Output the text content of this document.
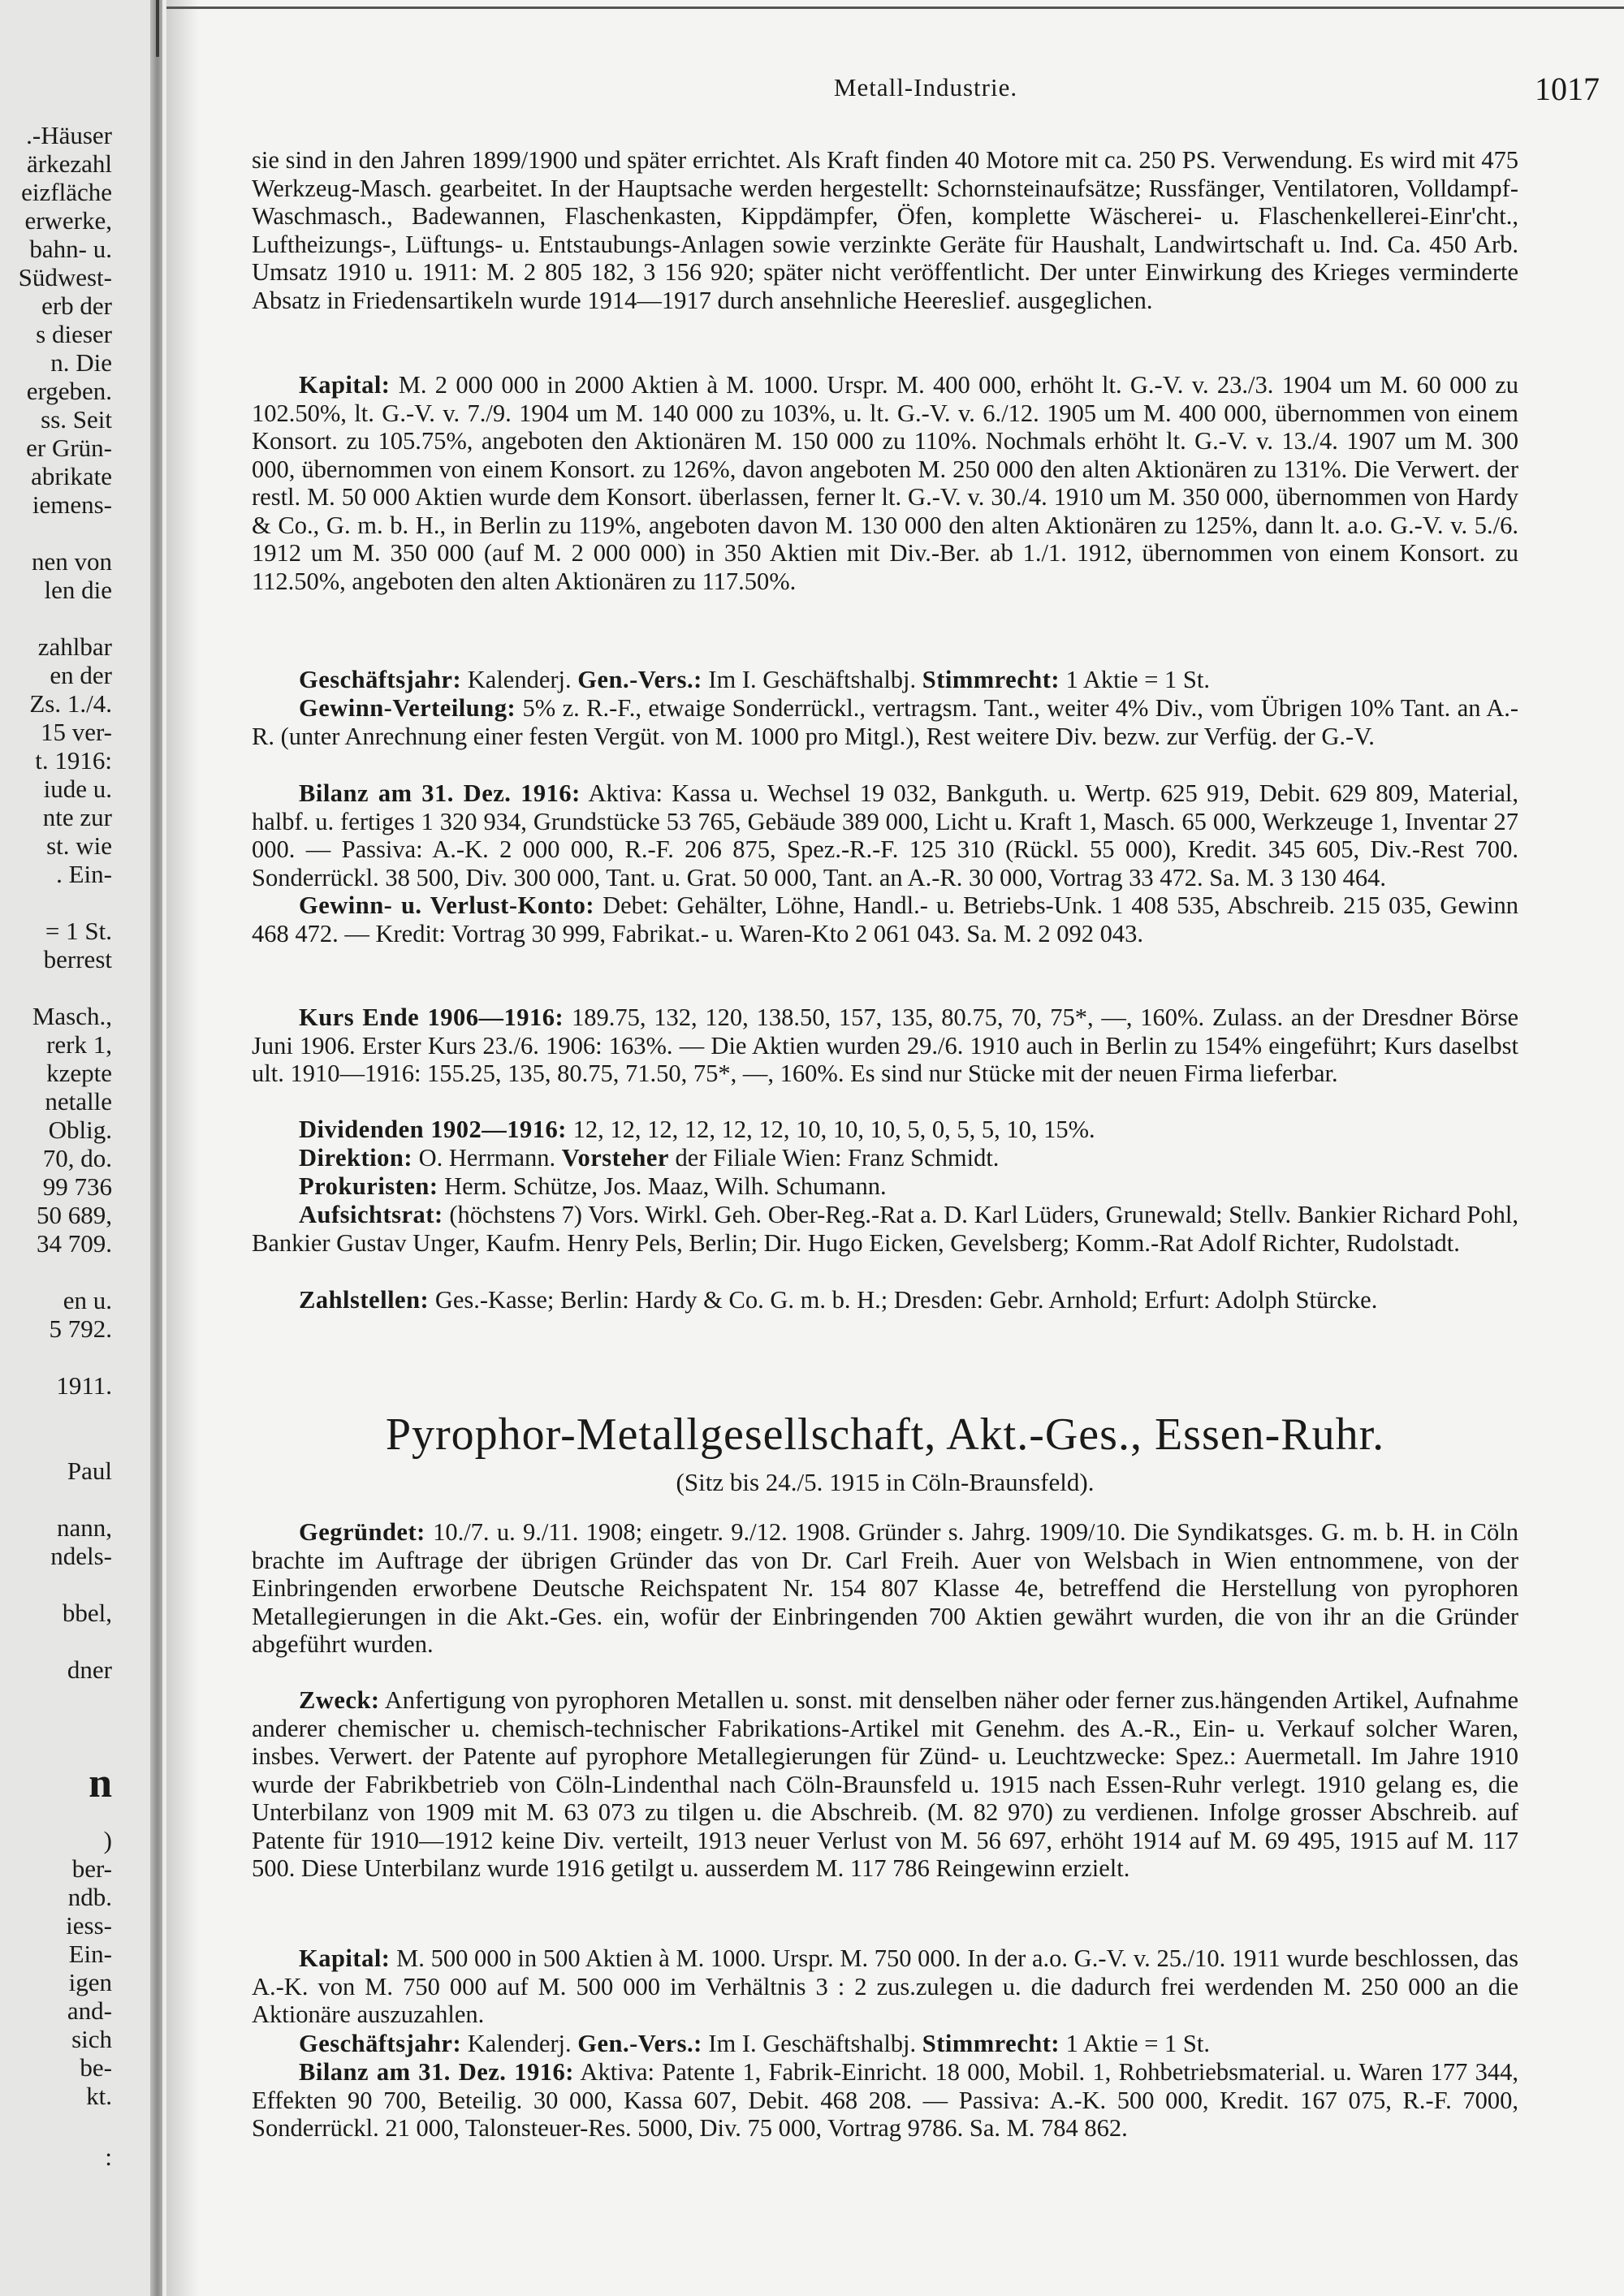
.-Häuser
ärkezahl
eizfläche
erwerke,
bahn- u.
Südwest-
erb der
s dieser
n. Die
ergeben.
ss. Seit
er Grün-
abrikate
iemens-
nen von
len die
zahlbar
en der
Zs. 1./4.
15 ver-
t. 1916:
iude u.
nte zur
st. wie
. Ein-
= 1 St.
berrest
Masch.,
rerk 1,
kzepte
netalle
Oblig.
70, do.
99 736
50 689,
34 709.
en u.
5 792.
1911.
Paul
nann,
ndels-
bbel,
dner
n
)
ber-
ndb.
iess-
Ein-
igen
and-
sich
be-
kt.
:
Metall-Industrie.	1017
sie sind in den Jahren 1899/1900 und später errichtet. Als Kraft finden 40 Motore mit ca. 250 PS. Verwendung. Es wird mit 475 Werkzeug-Masch. gearbeitet. In der Hauptsache werden hergestellt: Schornsteinaufsätze; Russfänger, Ventilatoren, Volldampf-Waschmasch., Badewannen, Flaschenkasten, Kippdämpfer, Öfen, komplette Wäscherei- u. Flaschenkellerei-Einr'cht., Luftheizungs-, Lüftungs- u. Entstaubungs-Anlagen sowie verzinkte Geräte für Haushalt, Landwirtschaft u. Ind. Ca. 450 Arb. Umsatz 1910 u. 1911: M. 2 805 182, 3 156 920; später nicht veröffentlicht. Der unter Einwirkung des Krieges verminderte Absatz in Friedensartikeln wurde 1914—1917 durch ansehnliche Heereslief. ausgeglichen.
Kapital: M. 2 000 000 in 2000 Aktien à M. 1000. Urspr. M. 400 000, erhöht lt. G.-V. v. 23./3. 1904 um M. 60 000 zu 102.50%, lt. G.-V. v. 7./9. 1904 um M. 140 000 zu 103%, u. lt. G.-V. v. 6./12. 1905 um M. 400 000, übernommen von einem Konsort. zu 105.75%, angeboten den Aktionären M. 150 000 zu 110%. Nochmals erhöht lt. G.-V. v. 13./4. 1907 um M. 300 000, übernommen von einem Konsort. zu 126%, davon angeboten M. 250 000 den alten Aktionären zu 131%. Die Verwert. der restl. M. 50 000 Aktien wurde dem Konsort. überlassen, ferner lt. G.-V. v. 30./4. 1910 um M. 350 000, übernommen von Hardy & Co., G. m. b. H., in Berlin zu 119%, angeboten davon M. 130 000 den alten Aktionären zu 125%, dann lt. a.o. G.-V. v. 5./6. 1912 um M. 350 000 (auf M. 2 000 000) in 350 Aktien mit Div.-Ber. ab 1./1. 1912, übernommen von einem Konsort. zu 112.50%, angeboten den alten Aktionären zu 117.50%.
Geschäftsjahr: Kalenderj. Gen.-Vers.: Im I. Geschäftshalbj. Stimmrecht: 1 Aktie = 1 St.
Gewinn-Verteilung: 5% z. R.-F., etwaige Sonderrückl., vertragsm. Tant., weiter 4% Div., vom Übrigen 10% Tant. an A.-R. (unter Anrechnung einer festen Vergüt. von M. 1000 pro Mitgl.), Rest weitere Div. bezw. zur Verfüg. der G.-V.
Bilanz am 31. Dez. 1916: Aktiva: Kassa u. Wechsel 19 032, Bankguth. u. Wertp. 625 919, Debit. 629 809, Material, halbf. u. fertiges 1 320 934, Grundstücke 53 765, Gebäude 389 000, Licht u. Kraft 1, Masch. 65 000, Werkzeuge 1, Inventar 27 000. — Passiva: A.-K. 2 000 000, R.-F. 206 875, Spez.-R.-F. 125 310 (Rückl. 55 000), Kredit. 345 605, Div.-Rest 700. Sonderrückl. 38 500, Div. 300 000, Tant. u. Grat. 50 000, Tant. an A.-R. 30 000, Vortrag 33 472. Sa. M. 3 130 464.
Gewinn- u. Verlust-Konto: Debet: Gehälter, Löhne, Handl.- u. Betriebs-Unk. 1 408 535, Abschreib. 215 035, Gewinn 468 472. — Kredit: Vortrag 30 999, Fabrikat.- u. Waren-Kto 2 061 043. Sa. M. 2 092 043.
Kurs Ende 1906—1916: 189.75, 132, 120, 138.50, 157, 135, 80.75, 70, 75*, —, 160%. Zulass. an der Dresdner Börse Juni 1906. Erster Kurs 23./6. 1906: 163%. — Die Aktien wurden 29./6. 1910 auch in Berlin zu 154% eingeführt; Kurs daselbst ult. 1910—1916: 155.25, 135, 80.75, 71.50, 75*, —, 160%. Es sind nur Stücke mit der neuen Firma lieferbar.
Dividenden 1902—1916: 12, 12, 12, 12, 12, 12, 10, 10, 10, 5, 0, 5, 5, 10, 15%.
Direktion: O. Herrmann. Vorsteher der Filiale Wien: Franz Schmidt.
Prokuristen: Herm. Schütze, Jos. Maaz, Wilh. Schumann.
Aufsichtsrat: (höchstens 7) Vors. Wirkl. Geh. Ober-Reg.-Rat a. D. Karl Lüders, Grunewald; Stellv. Bankier Richard Pohl, Bankier Gustav Unger, Kaufm. Henry Pels, Berlin; Dir. Hugo Eicken, Gevelsberg; Komm.-Rat Adolf Richter, Rudolstadt.
Zahlstellen: Ges.-Kasse; Berlin: Hardy & Co. G. m. b. H.; Dresden: Gebr. Arnhold; Erfurt: Adolph Stürcke.
Pyrophor-Metallgesellschaft, Akt.-Ges., Essen-Ruhr.
(Sitz bis 24./5. 1915 in Cöln-Braunsfeld).
Gegründet: 10./7. u. 9./11. 1908; eingetr. 9./12. 1908. Gründer s. Jahrg. 1909/10. Die Syndikatsges. G. m. b. H. in Cöln brachte im Auftrage der übrigen Gründer das von Dr. Carl Freih. Auer von Welsbach in Wien entnommene, von der Einbringenden erworbene Deutsche Reichspatent Nr. 154 807 Klasse 4e, betreffend die Herstellung von pyrophoren Metallegierungen in die Akt.-Ges. ein, wofür der Einbringenden 700 Aktien gewährt wurden, die von ihr an die Gründer abgeführt wurden.
Zweck: Anfertigung von pyrophoren Metallen u. sonst. mit denselben näher oder ferner zus.hängenden Artikel, Aufnahme anderer chemischer u. chemisch-technischer Fabrikations-Artikel mit Genehm. des A.-R., Ein- u. Verkauf solcher Waren, insbes. Verwert. der Patente auf pyrophore Metallegierungen für Zünd- u. Leuchtzwecke: Spez.: Auermetall. Im Jahre 1910 wurde der Fabrikbetrieb von Cöln-Lindenthal nach Cöln-Braunsfeld u. 1915 nach Essen-Ruhr verlegt. 1910 gelang es, die Unterbilanz von 1909 mit M. 63 073 zu tilgen u. die Abschreib. (M. 82 970) zu verdienen. Infolge grosser Abschreib. auf Patente für 1910—1912 keine Div. verteilt, 1913 neuer Verlust von M. 56 697, erhöht 1914 auf M. 69 495, 1915 auf M. 117 500. Diese Unterbilanz wurde 1916 getilgt u. ausserdem M. 117 786 Reingewinn erzielt.
Kapital: M. 500 000 in 500 Aktien à M. 1000. Urspr. M. 750 000. In der a.o. G.-V. v. 25./10. 1911 wurde beschlossen, das A.-K. von M. 750 000 auf M. 500 000 im Verhältnis 3 : 2 zus.zulegen u. die dadurch frei werdenden M. 250 000 an die Aktionäre auszuzahlen.
Geschäftsjahr: Kalenderj. Gen.-Vers.: Im I. Geschäftshalbj. Stimmrecht: 1 Aktie = 1 St.
Bilanz am 31. Dez. 1916: Aktiva: Patente 1, Fabrik-Einricht. 18 000, Mobil. 1, Rohbetriebsmaterial. u. Waren 177 344, Effekten 90 700, Beteilig. 30 000, Kassa 607, Debit. 468 208. — Passiva: A.-K. 500 000, Kredit. 167 075, R.-F. 7000, Sonderrückl. 21 000, Talonsteuer-Res. 5000, Div. 75 000, Vortrag 9786. Sa. M. 784 862.
